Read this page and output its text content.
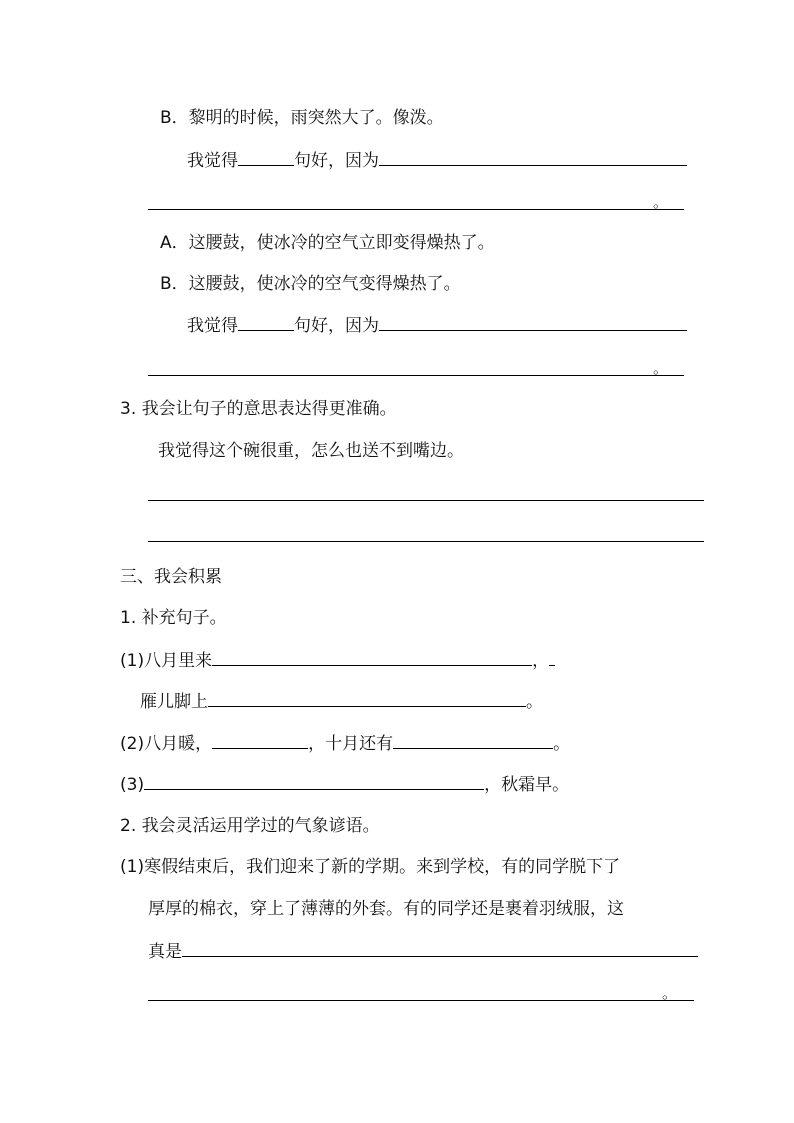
B．黎明的时候，雨突然大了。像泼。
我觉得	句好，因为
。
A．这腰鼓，使冰冷的空气立即变得燥热了。
B．这腰鼓，使冰冷的空气变得燥热了。
我觉得	句好，因为
。
3. 我会让句子的意思表达得更准确。
我觉得这个碗很重，怎么也送不到嘴边。
三、我会积累
1. 补充句子。
(1)八月里来	，
雁儿脚上	。
(2)八月暖，	，十月还有	。
(3)	，秋霜早。
2. 我会灵活运用学过的气象谚语。
(1)寒假结束后，我们迎来了新的学期。来到学校，有的同学脱下了
厚厚的棉衣，穿上了薄薄的外套。有的同学还是裹着羽绒服，这
真是
。
